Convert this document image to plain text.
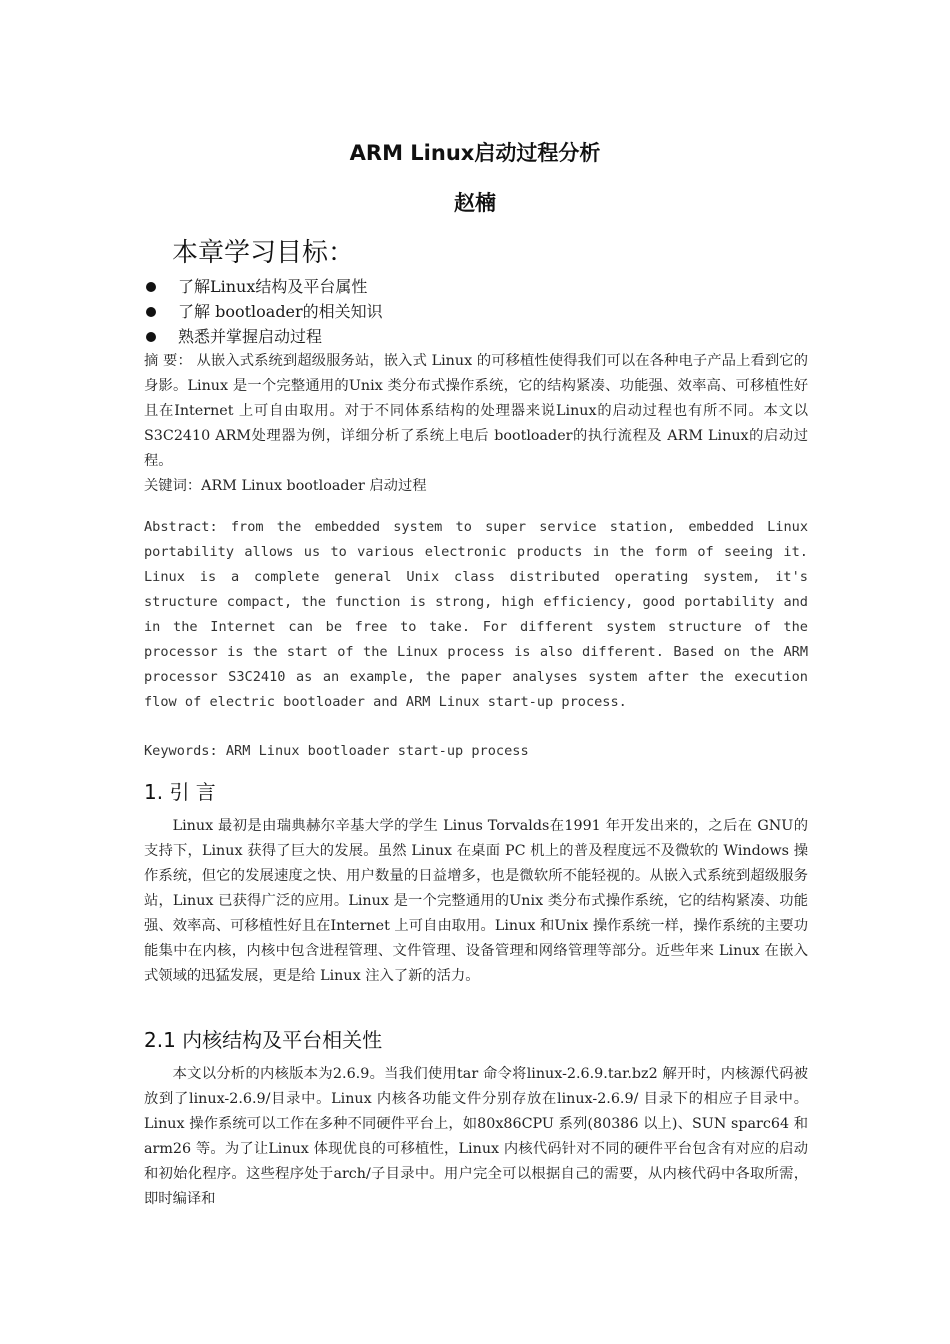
ARM Linux启动过程分析
赵楠
本章学习目标：
了解Linux结构及平台属性
了解 bootloader的相关知识
熟悉并掌握启动过程

摘 要： 从嵌入式系统到超级服务站，嵌入式 Linux 的可移植性使得我们可以在各种电子产品上看到它的身影。Linux 是一个完整通用的Unix 类分布式操作系统，它的结构紧凑、功能强、效率高、可移植性好且在Internet 上可自由取用。对于不同体系结构的处理器来说Linux的启动过程也有所不同。本文以S3C2410 ARM处理器为例，详细分析了系统上电后 bootloader的执行流程及 ARM Linux的启动过程。

关键词：ARM Linux bootloader 启动过程

Abstract: from the embedded system to super service station, embedded Linux portability allows us to various electronic products in the form of seeing it. Linux is a complete general Unix class distributed operating system, it's structure compact, the function is strong, high efficiency, good portability and in the Internet can be free to take. For different system structure of the processor is the start of the Linux process is also different. Based on the ARM processor S3C2410 as an example, the paper analyses system after the execution flow of electric bootloader and ARM Linux start-up process.

Keywords: ARM Linux bootloader start-up process

1. 引 言

Linux 最初是由瑞典赫尔辛基大学的学生 Linus Torvalds在1991 年开发出来的，之后在 GNU的支持下，Linux 获得了巨大的发展。虽然 Linux 在桌面 PC 机上的普及程度远不及微软的 Windows 操作系统，但它的发展速度之快、用户数量的日益增多，也是微软所不能轻视的。从嵌入式系统到超级服务站，Linux 已获得广泛的应用。Linux 是一个完整通用的Unix 类分布式操作系统，它的结构紧凑、功能强、效率高、可移植性好且在Internet 上可自由取用。Linux 和Unix 操作系统一样，操作系统的主要功能集中在内核，内核中包含进程管理、文件管理、设备管理和网络管理等部分。近些年来 Linux 在嵌入式领域的迅猛发展，更是给 Linux 注入了新的活力。

2.1 内核结构及平台相关性

本文以分析的内核版本为2.6.9。当我们使用tar 命令将linux-2.6.9.tar.bz2 解开时，内核源代码被放到了linux-2.6.9/目录中。Linux 内核各功能文件分别存放在linux-2.6.9/ 目录下的相应子目录中。Linux 操作系统可以工作在多种不同硬件平台上，如80x86CPU 系列(80386 以上)、SUN sparc64 和arm26 等。为了让Linux 体现优良的可移植性，Linux 内核代码针对不同的硬件平台包含有对应的启动和初始化程序。这些程序处于arch/子目录中。用户完全可以根据自己的需要，从内核代码中各取所需，即时编译和
